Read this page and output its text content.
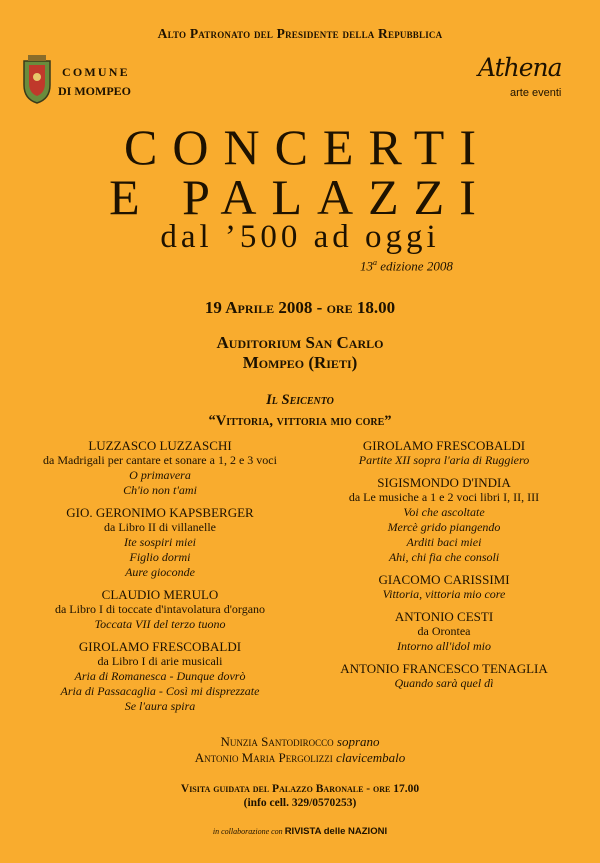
Alto Patronato del Presidente della Repubblica
COMUNE
DI MOMPEO
Athena
arte eventi
CONCERTI
E PALAZZI
dal ’500 ad oggi
13$^a$ edizione 2008
19 Aprile 2008 - ore 18.00
Auditorium San Carlo
Mompeo (Rieti)
Il Seicento
“Vittoria, vittoria mio core”
LUZZASCO LUZZASCHI
da Madrigali per cantare et sonare a 1, 2 e 3 voci
O primavera
Ch'io non t'ami
GIO. GERONIMO KAPSBERGER
da Libro II di villanelle
Ite sospiri miei
Figlio dormi
Aure gioconde
CLAUDIO MERULO
da Libro I di toccate d'intavolatura d'organo
Toccata VII del terzo tuono
GIROLAMO FRESCOBALDI
da Libro I di arie musicali
Aria di Romanesca - Dunque dovrò
Aria di Passacaglia - Così mi disprezzate
Se l'aura spira
GIROLAMO FRESCOBALDI
Partite XII sopra l'aria di Ruggiero
SIGISMONDO D'INDIA
da Le musiche a 1 e 2 voci libri I, II, III
Voi che ascoltate
Mercè grido piangendo
Arditi baci miei
Ahi, chi fia che consoli
GIACOMO CARISSIMI
Vittoria, vittoria mio core
ANTONIO CESTI
da Orontea
Intorno all'idol mio
ANTONIO FRANCESCO TENAGLIA
Quando sarà quel dì
Nunzia Santodirocco soprano
Antonio Maria Pergolizzi clavicembalo
Visita guidata del Palazzo Baronale - ore 17.00
(info cell. 329/0570253)
in collaborazione con RIVISTA delle NAZIONI
